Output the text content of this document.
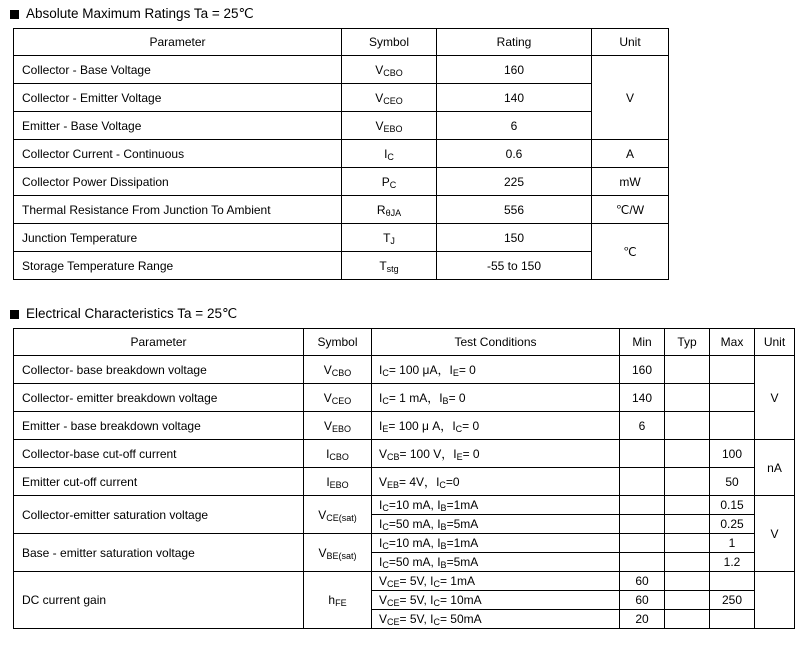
Absolute Maximum Ratings Ta = 25℃
Parameter	Symbol	Rating	Unit
Collector - Base Voltage	$V_{CBO}$	160	V
Collector - Emitter Voltage	$V_{CEO}$	140	
Emitter - Base Voltage	$V_{EBO}$	6	
Collector Current - Continuous	$I_C$	0.6	A
Collector Power Dissipation	$P_C$	225	mW
Thermal Resistance From Junction To Ambient	$R_{\theta JA}$	556	℃/W
Junction Temperature	$T_J$	150	℃
Storage Temperature Range	$T_{stg}$	-55 to 150	
Electrical Characteristics Ta = 25℃
Parameter	Symbol	Test Conditions	Min	Typ	Max	Unit
Collector- base breakdown voltage	$V_{CBO}$	$I_C= 100$ μA，$I_E= 0$	160			V
Collector- emitter breakdown voltage	$V_{CEO}$	$I_C= 1$ mA，$I_B= 0$	140			
Emitter - base breakdown voltage	$V_{EBO}$	$I_E= 100$ μ A，$I_C= 0$	6			
Collector-base cut-off current	$I_{CBO}$	$V_{CB}= 100$ V，$I_E= 0$			100	nA
Emitter cut-off current	$I_{EBO}$	$V_{EB}= 4V$，$I_C=0$			50	
Collector-emitter saturation voltage	$V_{CE(sat)}$	$I_C=10$ mA, $I_B=1mA$			0.15	V
		$I_C=50$ mA, $I_B=5mA$			0.25	
Base - emitter saturation voltage	$V_{BE(sat)}$	$I_C=10$ mA, $I_B=1mA$			1	
		$I_C=50$ mA, $I_B=5mA$			1.2	
DC current gain	$h_{FE}$	$V_{CE}= 5V$, $I_C= 1mA$	60			
		$V_{CE}= 5V$, $I_C= 10mA$	60		250	
		$V_{CE}= 5V$, $I_C= 50mA$	20			
